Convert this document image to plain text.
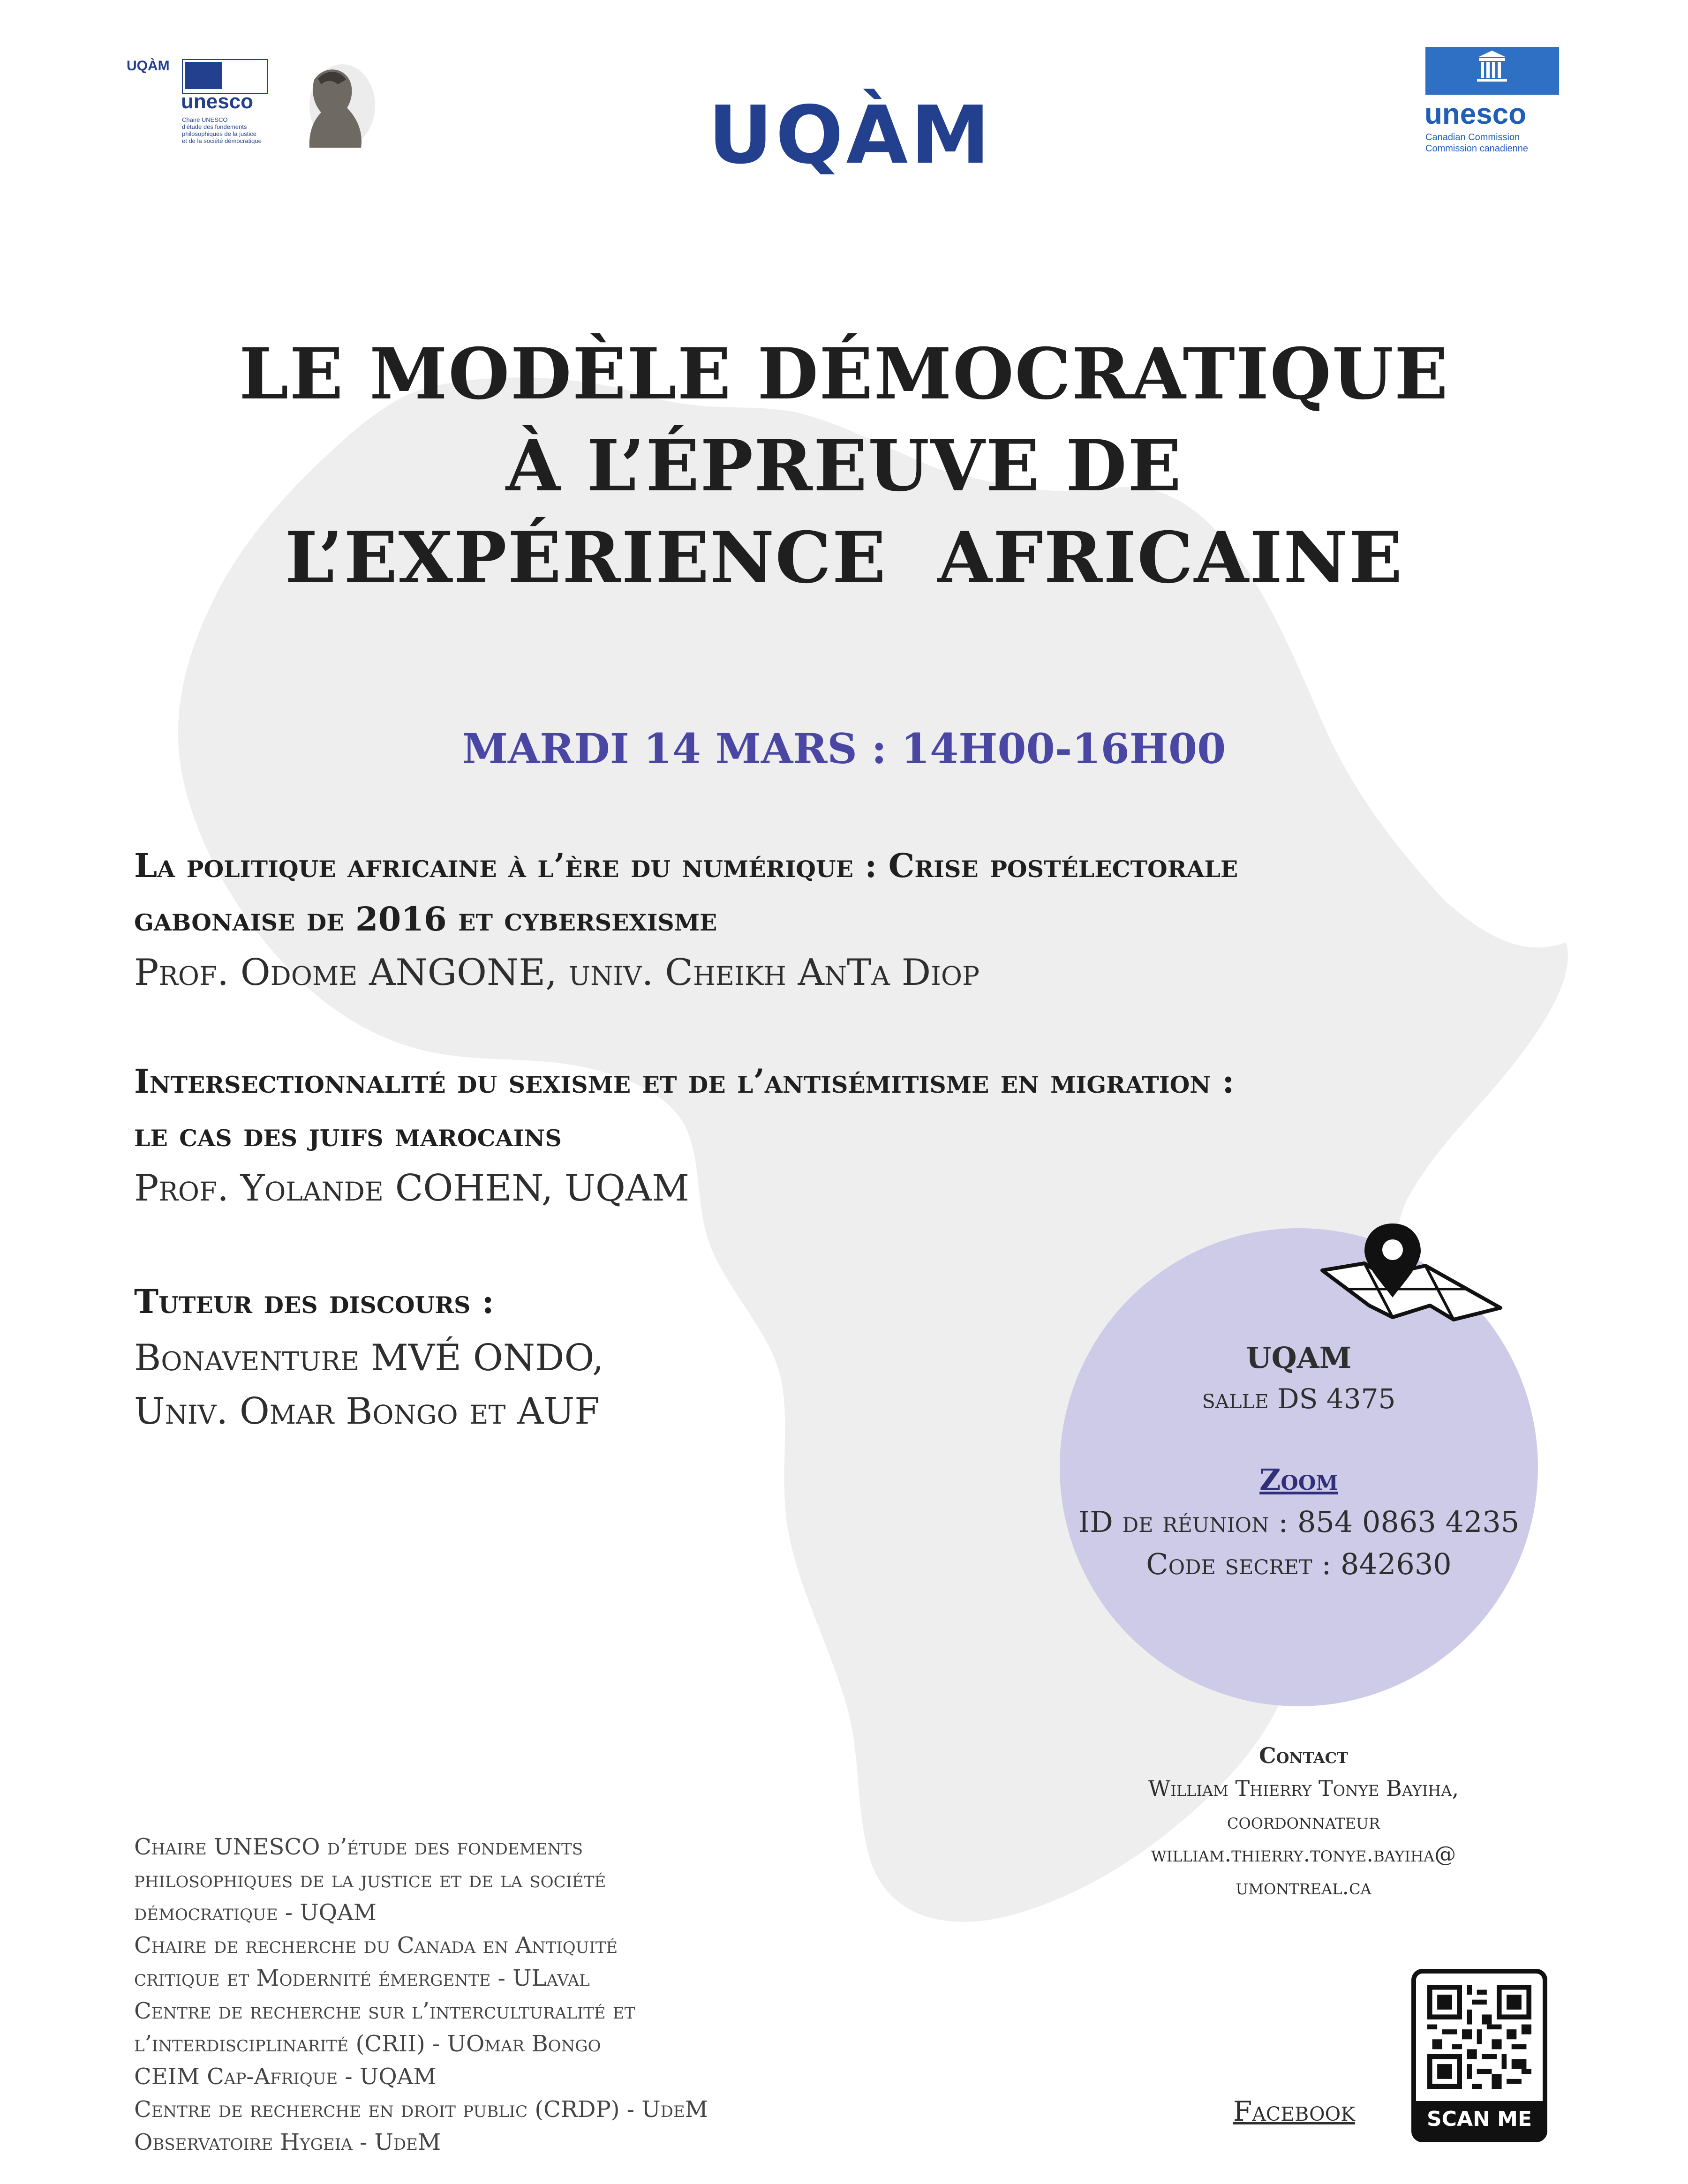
UQÀM
unesco
Chaire UNESCO
d'étude des fondements
philosophiques de la justice
et de la société démocratique	UQÀM	unesco
Canadian Commission
Commission canadienne
LE MODÈLE DÉMOCRATIQUE
À L’ÉPREUVE DE
L’EXPÉRIENCE  AFRICAINE
MARDI 14 MARS : 14H00-16H00
La politique africaine à l’ère du numérique : Crise postélectorale
gabonaise de 2016 et cybersexisme
Prof. Odome ANGONE, univ. Cheikh AnTa Diop
Intersectionnalité du sexisme et de l’antisémitisme en migration :
le cas des juifs marocains
Prof. Yolande COHEN, UQAM
Tuteur des discours :
Bonaventure MVÉ ONDO,
Univ. Omar Bongo et AUF
UQAM
salle DS 4375
Zoom
ID de réunion : 854 0863 4235
Code secret : 842630
Contact
William Thierry Tonye Bayiha,
coordonnateur
william.thierry.tonye.bayiha@
umontreal.ca
Chaire UNESCO d’étude des fondements
philosophiques de la justice et de la société
démocratique - UQAM
Chaire de recherche du Canada en Antiquité
critique et Modernité émergente - ULaval
Centre de recherche sur l’interculturalité et
l’interdisciplinarité (CRII) - UOmar Bongo
CEIM Cap-Afrique - UQAM
Centre de recherche en droit public (CRDP) - UdeM
Observatoire Hygeia - UdeM
Facebook	SCAN ME
